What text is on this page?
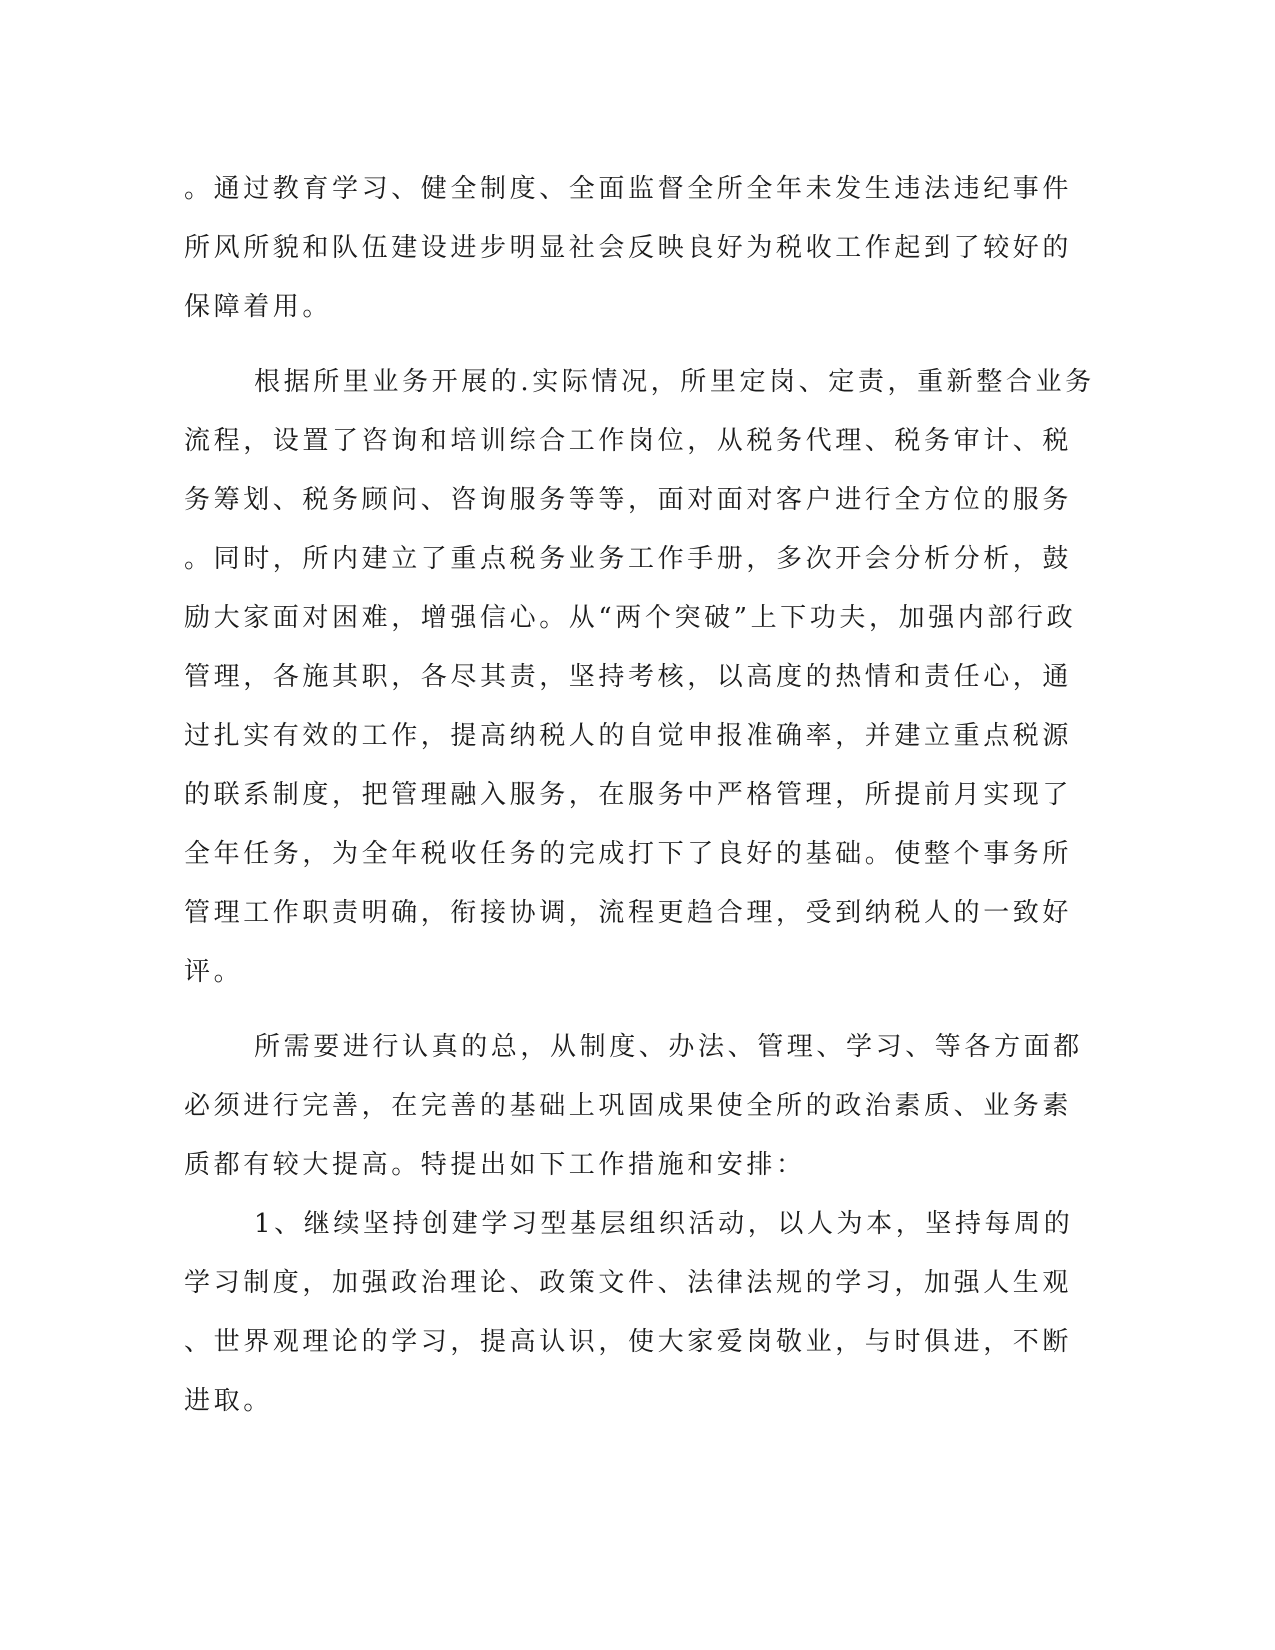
。通过教育学习、健全制度、全面监督全所全年未发生违法违纪事件
所风所貌和队伍建设进步明显社会反映良好为税收工作起到了较好的
保障着用。
根据所里业务开展的.实际情况，所里定岗、定责，重新整合业务
流程，设置了咨询和培训综合工作岗位，从税务代理、税务审计、税
务筹划、税务顾问、咨询服务等等，面对面对客户进行全方位的服务
。同时，所内建立了重点税务业务工作手册，多次开会分析分析，鼓
励大家面对困难，增强信心。从“两个突破”上下功夫，加强内部行政
管理，各施其职，各尽其责，坚持考核，以高度的热情和责任心，通
过扎实有效的工作，提高纳税人的自觉申报准确率，并建立重点税源
的联系制度，把管理融入服务，在服务中严格管理，所提前月实现了
全年任务，为全年税收任务的完成打下了良好的基础。使整个事务所
管理工作职责明确，衔接协调，流程更趋合理，受到纳税人的一致好
评。
所需要进行认真的总，从制度、办法、管理、学习、等各方面都
必须进行完善，在完善的基础上巩固成果使全所的政治素质、业务素
质都有较大提高。特提出如下工作措施和安排：
1、继续坚持创建学习型基层组织活动，以人为本，坚持每周的
学习制度，加强政治理论、政策文件、法律法规的学习，加强人生观
、世界观理论的学习，提高认识，使大家爱岗敬业，与时俱进，不断
进取。
